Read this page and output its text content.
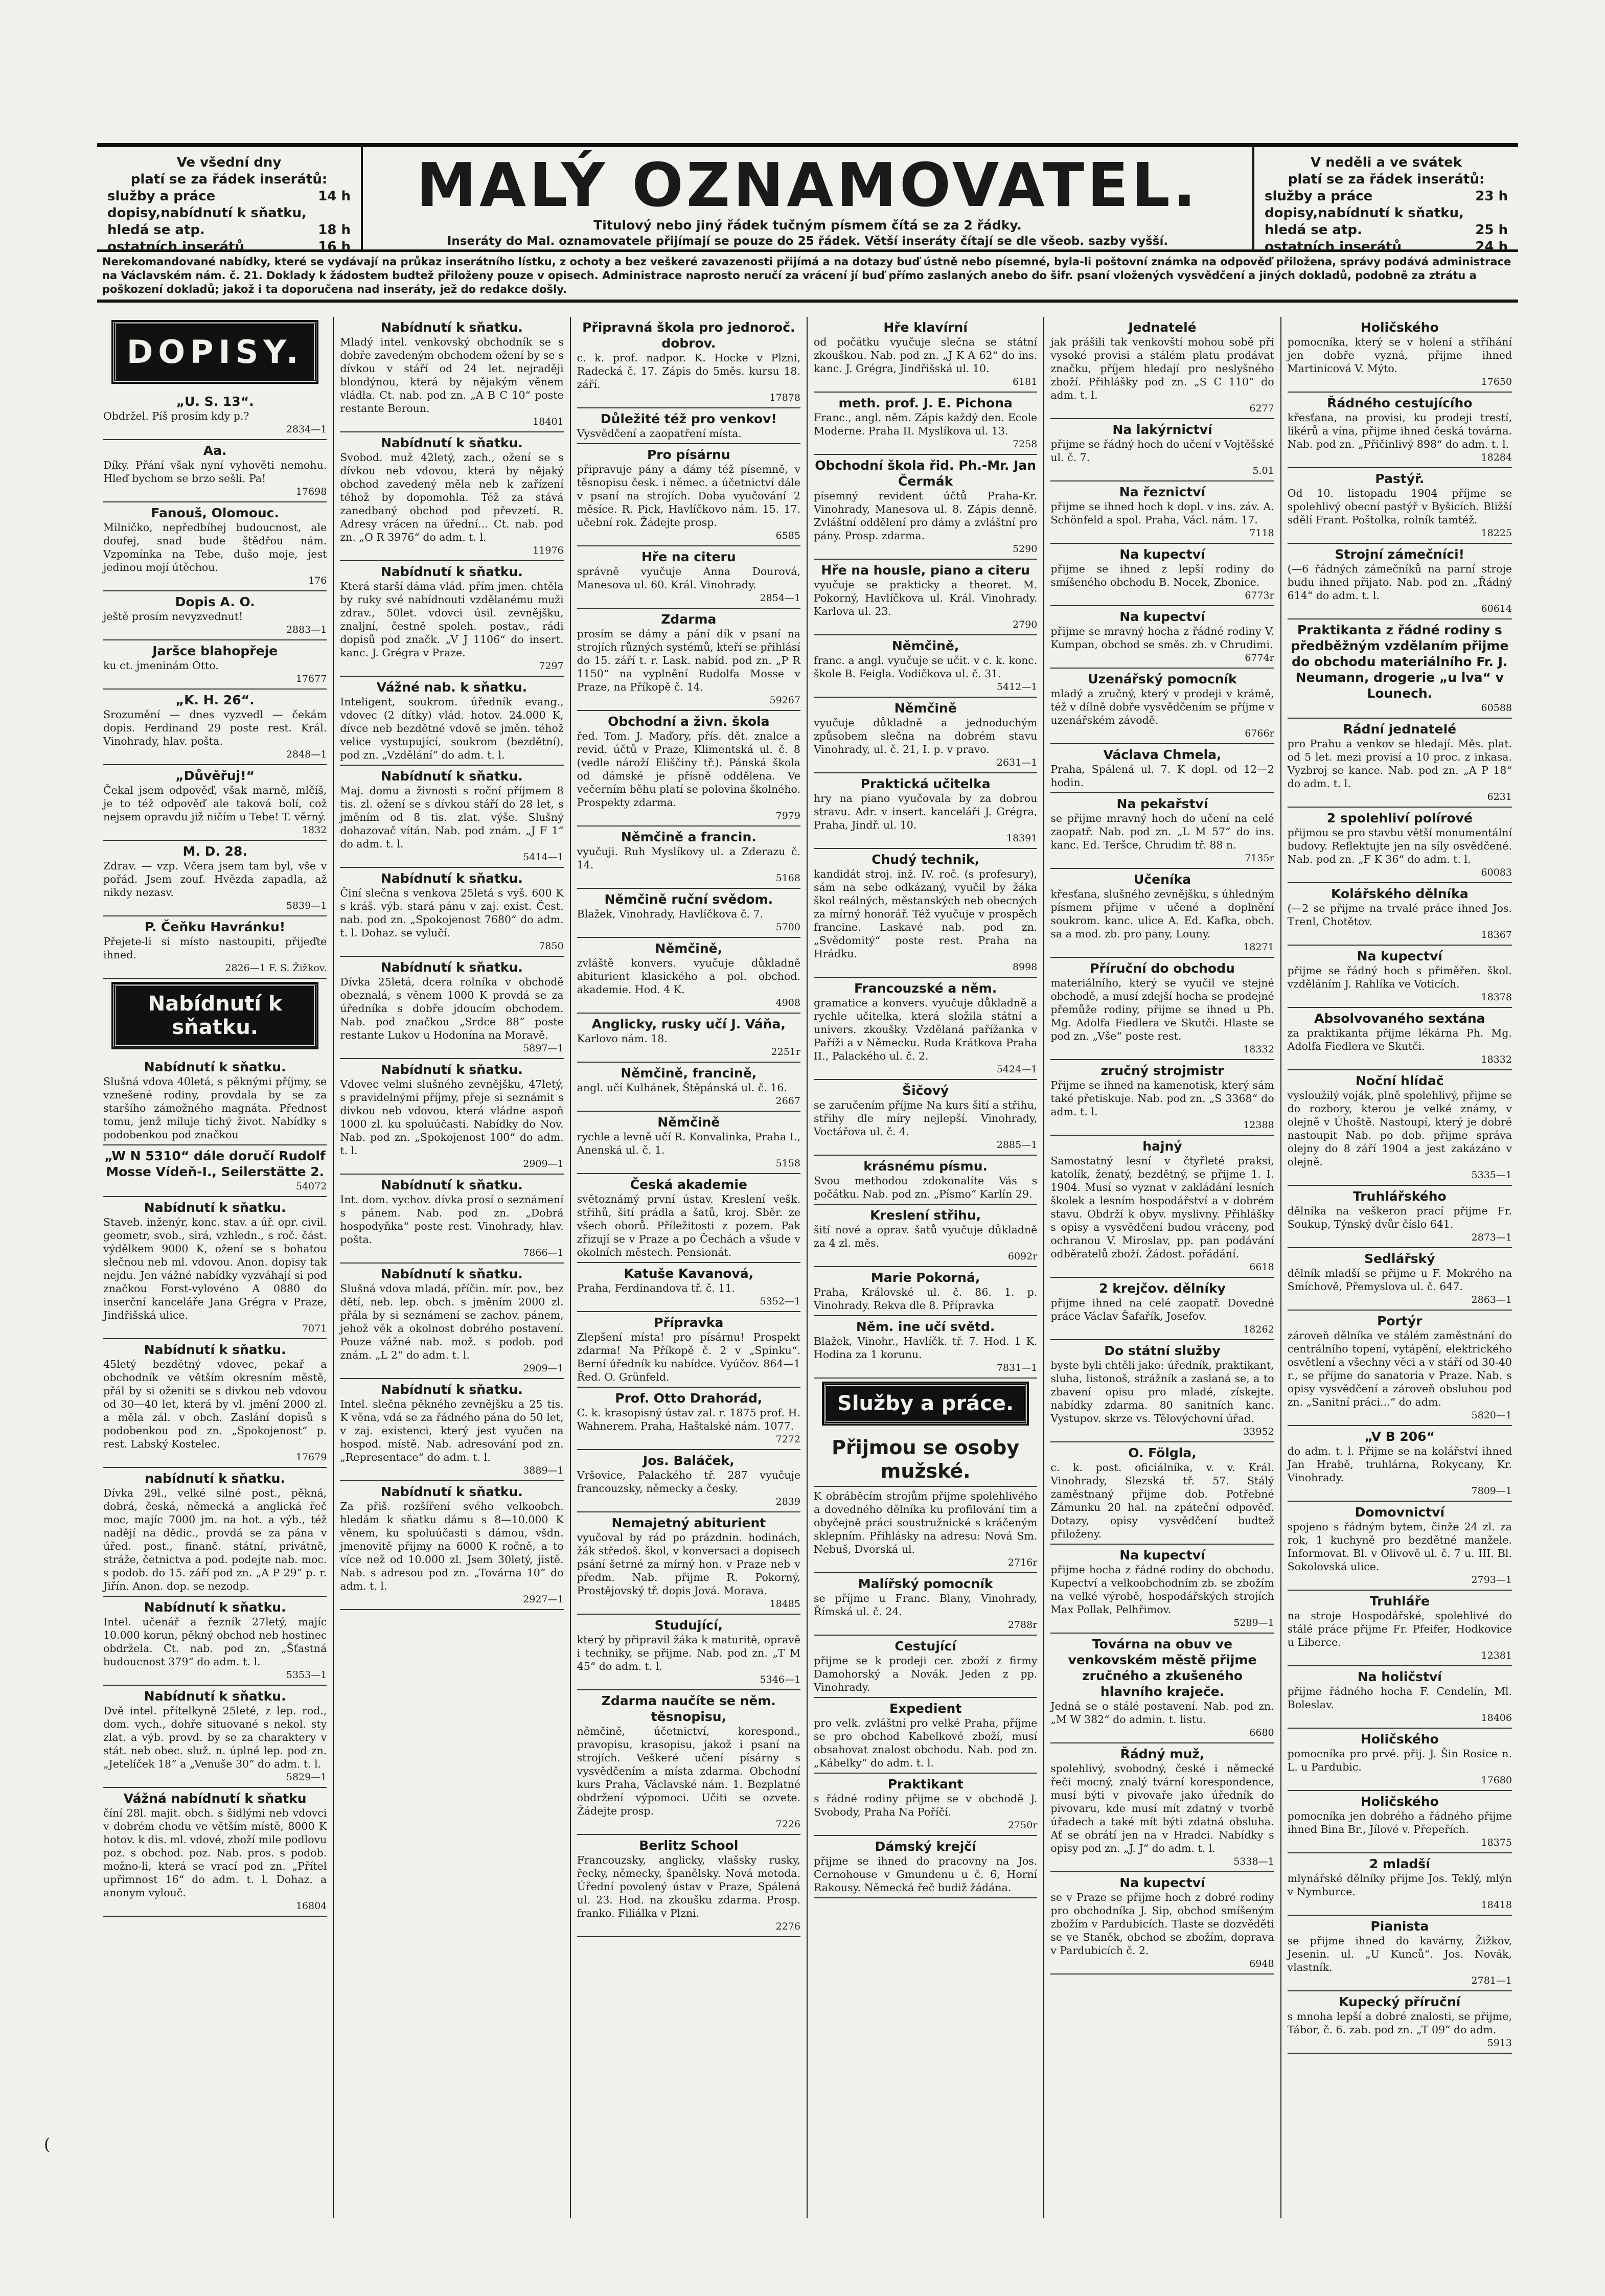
Ve všední dny
platí se za řádek inserátů:
služby a práce	14 h
dopisy,nabídnutí k sňatku,
hledá se atp.	18 h
ostatních inserátů	16 h
MALÝ OZNAMOVATEL.
Titulový nebo jiný řádek tučným písmem čítá se za 2 řádky.
Inseráty do Mal. oznamovatele přijímají se pouze do 25 řádek. Větší inseráty čítají se dle všeob. sazby vyšší.
V neděli a ve svátek
platí se za řádek inserátů:
služby a práce	23 h
dopisy,nabídnutí k sňatku,
hledá se atp.	25 h
ostatních inserátů	24 h
Nerekomandované nabídky, které se vydávají na průkaz inserátního lístku, z ochoty a bez veškeré zavazenosti přijímá a na dotazy buď ústně nebo písemné, byla-li poštovní známka na odpověď přiložena, správy podává administrace na Václavském nám. č. 21. Doklady k žádostem budtež přiloženy pouze v opisech. Administrace naprosto neručí za vrácení jí buď přímo zaslaných anebo do šifr. psaní vložených vysvědčení a jiných dokladů, podobně za ztrátu a poškození dokladů; jakož i ta doporučena nad inseráty, jež do redakce došly.
DOPISY.
„U. S. 13“.
Obdržel. Píš prosím kdy p.?
2834—1
Aa.
Díky. Přání však nyní vyhověti nemohu. Hleď bychom se brzo sešli. Pa!
17698
Fanouš, Olomouc.
Milničko, nepředbíhej budoucnost, ale doufej, snad bude štědřou nám. Vzpomínka na Tebe, dušo moje, jest jedinou mojí útěchou.
176
Dopis A. O.
ještě prosím nevyzvednut!
2883—1
Jaršce blahopřeje
ku ct. jmeninám Otto.
17677
„K. H. 26“.
Srozumění — dnes vyzvedl — čekám dopis. Ferdinand 29 poste rest. Král. Vinohrady, hlav. pošta.
2848—1
„Důvěřuj!“
Čekal jsem odpověď, však marně, mlčíš, je to též odpověď ale taková bolí, což nejsem opravdu již ničím u Tebe! T. věrný.
1832
M. D. 28.
Zdrav. — vzp. Včera jsem tam byl, vše v pořád. Jsem zouf. Hvězda zapadla, až nikdy nezasv.
5839—1
P. Čeňku Havránku!
Přejete-li si místo nastoupiti, přijeďte ihned.
2826—1 F. S. Žižkov.
Nabídnutí k sňatku.
Nabídnutí k sňatku.
Slušná vdova 40letá, s pěknými příjmy, se vznešené rodiny, provdala by se za staršího zámožného magnáta. Přednost tomu, jenž miluje tichý život. Nabídky s podobenkou pod značkou
„W N 5310“ dále doručí Rudolf Mosse Vídeň-I., Seilerstätte 2.
54072
Nabídnutí k sňatku.
Staveb. inženýr, konc. stav. a úř. opr. civil. geometr, svob., sirá, vzhledn., s roč. část. výdělkem 9000 K, ožení se s bohatou slečnou neb ml. vdovou. Anon. dopisy tak nejdu. Jen vážné nabídky vyzváhají si pod značkou Forst-vylovéno A 0880 do inserční kanceláře Jana Grégra v Praze, Jindřišská ulice.
7071
Nabídnutí k sňatku.
45letý bezdětný vdovec, pekař a obchodník ve větším okresním městě, přál by si oženiti se s divkou neb vdovou od 30—40 let, která by vl. jmění 2000 zl. a měla zál. v obch. Zaslání dopisů s podobenkou pod zn. „Spokojenost“ p. rest. Labský Kostelec.
17679
nabídnutí k sňatku.
Dívka 29l., velké silné post., pěkná, dobrá, česká, německá a anglická řeč moc, majíc 7000 jm. na hot. a výb., též nadějí na dědic., provdá se za pána v úřed. post., finanč. státní, privátně, stráže, četnictva a pod. podejte nab. moc. s podob. do 15. září pod zn. „A P 29“ p. r. Jiřín. Anon. dop. se nezodp.
Nabídnutí k sňatku.
Intel. učenář a řezník 27letý, majíc 10.000 korun, pěkný obchod neb hostinec obdržela. Ct. nab. pod zn. „Šťastná budoucnost 379“ do adm. t. l.
5353—1
Nabídnutí k sňatku.
Dvě intel. přítelkyně 25leté, z lep. rod., dom. vych., dohře situované s nekol. sty zlat. a výb. provd. by se za charaktery v stát. neb obec. služ. n. úplné lep. pod zn. „Jetelíček 18“ a „Venuše 30“ do adm. t. l.
5829—1
Vážná nabídnutí k sňatku
číní 28l. majit. obch. s šidlými neb vdovci v dobrém chodu ve větším místě, 8000 K hotov. k dis. ml. vdové, zboží mile podlovu poz. s obchod. poz. Nab. pros. s podob. možno-li, která se vrací pod zn. „Přítel upřimnost 16“ do adm. t. l. Dohaz. a anonym vylouč.
16804
Nabídnutí k sňatku.
Mladý intel. venkovský obchodník se s dobře zavedeným obchodem ožení by se s dívkou v stáří od 24 let. nejraději blondýnou, která by nějakým věnem vládla. Ct. nab. pod zn. „A B C 10“ poste restante Beroun.
18401
Nabídnutí k sňatku.
Svobod. muž 42letý, zach., ožení se s dívkou neb vdovou, která by nějaký obchod zavedený měla neb k zařízení téhož by dopomohla. Též za stává zanedbaný obchod pod převzetí. R. Adresy vrácen na úřední... Ct. nab. pod zn. „O R 3976“ do adm. t. l.
11976
Nabídnutí k sňatku.
Která starší dáma vlád. přím jmen. chtěla by ruky své nabídnouti vzdělanému muži zdrav., 50let. vdovci úsil. zevnějšku, znaljní, čestně spoleh. postav., rádi dopisů pod značk. „V J 1106“ do insert. kanc. J. Grégra v Praze.
7297
Vážné nab. k sňatku.
Inteligent, soukrom. úředník evang., vdovec (2 dítky) vlád. hotov. 24.000 K, dívce neb bezdětné vdově se jměn. téhož velice vystupující, soukrom (bezdětní), pod zn. „Vzdělání“ do adm. t. l.
Nabídnutí k sňatku.
Maj. domu a živnosti s roční příjmem 8 tis. zl. ožení se s dívkou stáří do 28 let, s jměním od 8 tis. zlat. výše. Slušný dohazovač vítán. Nab. pod znám. „J F 1“ do adm. t. l.
5414—1
Nabídnutí k sňatku.
Činí slečna s venkova 25letá s vyš. 600 K s kráš. výb. stará pánu v zaj. exist. Čest. nab. pod zn. „Spokojenost 7680“ do adm. t. l. Dohaz. se vylučí.
7850
Nabídnutí k sňatku.
Dívka 25letá, dcera rolníka v obchodě obeznalá, s věnem 1000 K provdá se za úředníka s dobře jdoucím obchodem. Nab. pod značkou „Srdce 88“ poste restante Lukov u Hodonína na Moravě.
5897—1
Nabídnutí k sňatku.
Vdovec velmi slušného zevnějšku, 47letý, s pravidelnými příjmy, přeje si seznámit s divkou neb vdovou, která vládne aspoň 1000 zl. ku spoluúčasti. Nabídky do Nov. Nab. pod zn. „Spokojenost 100“ do adm. t. l.
2909—1
Nabídnutí k sňatku.
Int. dom. vychov. dívka prosí o seznámení s pánem. Nab. pod zn. „Dobrá hospodyňka“ poste rest. Vinohrady, hlav. pošta.
7866—1
Nabídnutí k sňatku.
Slušná vdova mladá, příčin. mír. pov., bez dětí, neb. lep. obch. s jměním 2000 zl. přála by si seznámení se zachov. pánem, jehož věk a okolnost dobrého postavení. Pouze vážné nab. mož. s podob. pod znám. „L 2“ do adm. t. l.
2909—1
Nabídnutí k sňatku.
Intel. slečna pěkného zevnějšku a 25 tis. K věna, vdá se za řádného pána do 50 let, v zaj. existenci, který jest vyučen na hospod. místě. Nab. adresování pod zn. „Representace“ do adm. t. l.
3889—1
Nabídnutí k sňatku.
Za přiš. rozšíření svého velkoobch. hledám k sňatku dámu s 8—10.000 K věnem, ku spoluúčasti s dámou, všdn. jmenovitě přijmy na 6000 K ročně, a to více než od 10.000 zl. Jsem 30letý, jistě. Nab. s adresou pod zn. „Továrna 10“ do adm. t. l.
2927—1
Připravná škola pro jednoroč. dobrov.
c. k. prof. nadpor. K. Hocke v Plzni, Radecká č. 17. Zápis do 5měs. kursu 18. září.
17878
Důležité též pro venkov!
Vysvědčení a zaopatření místa.
Pro písárnu
připravuje pány a dámy též písemně, v těsnopisu česk. i němec. a účetnictví dále v psaní na strojích. Doba vyučování 2 měsíce. R. Pick, Havlíčkovo nám. 15. 17. učební rok. Žádejte prosp.
6585
Hře na citeru
správně vyučuje Anna Dourová, Manesova ul. 60. Král. Vinohrady.
2854—1
Zdarma
prosím se dámy a pání dík v psaní na strojích různých systémů, kteří se přihlásí do 15. září t. r. Lask. nabíd. pod zn. „P R 1150“ na vyplnění Rudolfa Mosse v Praze, na Příkopě č. 14.
59267
Obchodní a živn. škola
řed. Tom. J. Maďory, přís. dět. znalce a revid. účtů v Praze, Klimentská ul. č. 8 (vedle nároží Eliščiny tř.). Pánská škola od dámské je přísně oddělena. Ve večerním běhu platí se polovina školného. Prospekty zdarma.
7979
Němčině a francin.
vyučuji. Ruh Myslíkovy ul. a Zderazu č. 14.
5168
Němčině ruční svědom.
Blažek, Vinohrady, Havlíčkova č. 7.
5700
Němčině,
zvláště konvers. vyučuje důkladně abiturient klasického a pol. obchod. akademie. Hod. 4 K.
4908
Anglicky, rusky učí J. Váňa,
Karlovo nám. 18.
2251r
Němčině, francině,
angl. učí Kulhánek, Štěpánská ul. č. 16.
2667
Němčině
rychle a levně učí R. Konvalinka, Praha I., Anenská ul. č. 1.
5158
Česká akademie
světoznámý první ústav. Kreslení vešk. střihů, šití prádla a šatů, kroj. Sběr. ze všech oborů. Příležitosti z pozem. Pak zřizují se v Praze a po Čechách a všude v okolních městech. Pensionát.
Katuše Kavanová,
Praha, Ferdinandova tř. č. 11.
5352—1
Přípravka
Zlepšení místa! pro písárnu! Prospekt zdarma! Na Příkopě č. 2 v „Spinku“. Berní úředník ku nabídce. Vyúčov. 864—1 Řed. O. Grünfeld.
Prof. Otto Drahorád,
C. k. krasopisný ústav zal. r. 1875 prof. H. Wahnerem. Praha, Haštalské nám. 1077.
7272
Jos. Baláček,
Vršovice, Palackého tř. 287 vyučuje francouzsky, německy a česky.
2839
Nemajetný abiturient
vyučoval by rád po prázdnin. hodinách, žák středoš. škol, v konversaci a dopisech psání šetrné za mírný hon. v Praze neb v předm. Nab. přijme R. Pokorný, Prostějovský tř. dopis Jová. Morava.
18485
Studující,
který by připravil žáka k maturitě, opravě i techniky, se přijme. Nab. pod zn. „T M 45“ do adm. t. l.
5346—1
Zdarma naučíte se něm. těsnopisu,
němčině, účetnictví, korespond., pravopisu, krasopisu, jakož i psaní na strojích. Veškeré učení písárny s vysvědčením a místa zdarma. Obchodní kurs Praha, Václavské nám. 1. Bezplatné obdržení výpomoci. Učiti se ozvete. Žádejte prosp.
7226
Berlitz School
Francouzsky, anglicky, vlašsky rusky, řecky, německy, španělsky. Nová metoda. Úřední povolený ústav v Praze, Spálená ul. 23. Hod. na zkoušku zdarma. Prosp. franko. Filiálka v Plzni.
2276
Hře klavírní
od počátku vyučuje slečna se státní zkouškou. Nab. pod zn. „J K A 62“ do ins. kanc. J. Grégra, Jindřišská ul. 10.
6181
meth. prof. J. E. Pichona
Franc., angl. něm. Zápis každý den. Ecole Moderne. Praha II. Myslíkova ul. 13.
7258
Obchodní škola řid. Ph.-Mr. Jan Čermák
písemný revident účtů Praha-Kr. Vinohrady, Manesova ul. 8. Zápis denně. Zvláštní oddělení pro dámy a zvláštní pro pány. Prosp. zdarma.
5290
Hře na housle, piano a citeru
vyučuje se prakticky a theoret. M. Pokorný, Havlíčkova ul. Král. Vinohrady. Karlova ul. 23.
2790
Němčině,
franc. a angl. vyučuje se učit. v c. k. konc. škole B. Feigla. Vodičkova ul. č. 31.
5412—1
Němčině
vyučuje důkladně a jednoduchým způsobem slečna na dobrém stavu Vinohrady, ul. č. 21, I. p. v pravo.
2631—1
Praktická učitelka
hry na piano vyučovala by za dobrou stravu. Adr. v insert. kanceláři J. Grégra, Praha, Jindř. ul. 10.
18391
Chudý technik,
kandidát stroj. inž. IV. roč. (s profesury), sám na sebe odkázaný, vyučil by žáka škol reálných, městanských neb obecných za mírný honorář. Též vyučuje v prospěch francine. Laskavé nab. pod zn. „Svědomitý“ poste rest. Praha na Hrádku.
8998
Francouzské a něm.
gramatice a konvers. vyučuje důkladně a rychle učitelka, která složila státní a univers. zkoušky. Vzdělaná pařížanka v Paříži a v Německu. Ruda Krátkova Praha II., Palackého ul. č. 2.
5424—1
Šičový
se zaručením příjme Na kurs šití a střihu, střihy dle míry nejlepší. Vinohrady, Voctářova ul. č. 4.
2885—1
krásnému písmu.
Svou methodou zdokonalíte Vás s počátku. Nab. pod zn. „Písmo“ Karlín 29.
Kreslení střihu,
šití nové a oprav. šatů vyučuje důkladně za 4 zl. měs.
6092r
Marie Pokorná,
Praha, Královské ul. č. 86. 1. p. Vinohrady. Rekva dle 8. Přípravka
Něm. ine učí světd.
Blažek, Vinohr., Havlíčk. tř. 7. Hod. 1 K. Hodina za 1 korunu.
7831—1
Služby a práce.
Přijmou se osoby mužské.
K obráběcím strojům přijme spolehlivého a dovedného dělníka ku profilování tim a obyčejně práci soustružnické s kráčeným sklepním. Přihlásky na adresu: Nová Sm. Nebuš, Dvorská ul.
2716r
Malířský pomocník
se příjme u Franc. Blany, Vinohrady, Římská ul. č. 24.
2788r
Cestující
přijme se k prodeji cer. zboží z firmy Damohorský a Novák. Jeden z pp. Vinohrady.
Expedient
pro velk. zvláštní pro velké Praha, příjme se pro obchod Kabelkové zboží, musí obsahovat znalost obchodu. Nab. pod zn. „Kábelky“ do adm. t. l.
Praktikant
s řádné rodiny přijme se v obchodě J. Svobody, Praha Na Poříčí.
2750r
Dámský krejčí
přijme se ihned do pracovny na Jos. Cernohouse v Gmundenu u č. 6, Horní Rakousy. Německá řeč budiž žádána.
Jednatelé
jak prášili tak venkovští mohou sobě při vysoké provisi a stálém platu prodávat značku, příjem hledají pro neslyšného zboží. Přihlášky pod zn. „S C 110“ do adm. t. l.
6277
Na lakýrnictví
přijme se řádný hoch do učení v Vojtěšské ul. č. 7.
5.01
Na řeznictví
přijme se ihned hoch k dopl. v ins. záv. A. Schönfeld a spol. Praha, Václ. nám. 17.
7118
Na kupectví
přijme se ihned z lepší rodiny do smíšeného obchodu B. Nocek, Zbonice.
6773r
Na kupectví
přijme se mravný hocha z řádné rodiny V. Kumpan, obchod se směs. zb. v Chrudimi.
6774r
Uzenářský pomocník
mladý a zručný, který v prodeji v krámě, též v dílně dobře vysvědčením se příjme v uzenářském závodě.
6766r
Václava Chmela,
Praha, Spálená ul. 7. K dopl. od 12—2 hodin.
Na pekařství
se přijme mravný hoch do učení na celé zaopatř. Nab. pod zn. „L M 57“ do ins. kanc. Ed. Teršce, Chrudim tř. 88 n.
7135r
Učeníka
křesťana, slušného zevnějšku, s úhledným písmem přijme v učené a doplnění soukrom. kanc. ulice A. Ed. Kafka, obch. sa a mod. zb. pro pany, Louny.
18271
Příruční do obchodu
materiálního, který se vyučil ve stejné obchodě, a musí zdejší hocha se prodejné přemůže rodiny, přijme se ihned u Ph. Mg. Adolfa Fiedlera ve Skutči. Hlaste se pod zn. „Vše“ poste rest.
18332
zručný strojmistr
Přijme se ihned na kamenotisk, který sám také přetiskuje. Nab. pod zn. „S 3368“ do adm. t. l.
12388
hajný
Samostatný lesní v čtyřleté praksi, katolík, ženatý, bezdětný, se přijme 1. I. 1904. Musí so vyznat v zakládání lesních školek a lesním hospodářství a v dobrém stavu. Obdrží k obyv. myslivny. Přihlášky s opisy a vysvědčení budou vráceny, pod ochranou V. Miroslav, pp. pan podávání odběratelů zboží. Žádost. pořádání.
6618
2 krejčov. dělníky
přijme ihned na celé zaopatř. Dovedné práce Václav Šafařík, Josefov.
18262
Do státní služby
byste byli chtěli jako: úředník, praktikant, sluha, listonoš, strážník a zaslaná se, a to zbavení opisu pro mladé, získejte. nabídky zdarma. 80 sanitních kanc. Vystupov. skrze vs. Tělovýchovní úřad.
33952
O. Fölgla,
c. k. post. oficiálníka, v. v. Král. Vinohrady, Slezská tř. 57. Stálý zaměstnaný přijme dob. Potřebné Zámunku 20 hal. na zpáteční odpověď. Dotazy, opisy vysvědčení budtež přiloženy.
Na kupectví
přijme hocha z řádné rodiny do obchodu. Kupectví a velkoobchodním zb. se zbožím na velké výrobě, hospodářských strojích Max Pollak, Pelhřimov.
5289—1
Továrna na obuv ve venkovském městě přijme zručného a zkušeného hlavního kraječe.
Jedná se o stálé postavení. Nab. pod zn. „M W 382“ do admin. t. listu.
6680
Řádný muž,
spolehlivý, svobodný, české i německé řeči mocný, znalý tvární korespondence, musí býti v pivovaře jako úředník do pivovaru, kde musí mít zdatný v tvorbě úřadech a také mít býti zdatná obsluha. Ať se obrátí jen na v Hradci. Nabídky s opisy pod zn. „J. J“ do adm. t. l.
5338—1
Na kupectví
se v Praze se přijme hoch z dobré rodiny pro obchodníka J. Sip, obchod smíšeným zbožím v Pardubicích. Tlaste se dozvěděti se ve Staněk, obchod se zbožím, doprava v Pardubicích č. 2.
6948
Holičského
pomocníka, který se v holení a stříhání jen dobře vyzná, přijme ihned Martinicová V. Mýto.
17650
Řádného cestujícího
křesťana, na provisi, ku prodeji trestí, likérů a vína, přijme ihned česká továrna. Nab. pod zn. „Přičinlivý 898“ do adm. t. l.
18284
Pastýř.
Od 10. listopadu 1904 příjme se spolehlivý obecní pastýř v Byšicích. Bližší sdělí Frant. Poštolka, rolník tamtéž.
18225
Strojní zámečníci!
(—6 řádných zámečníků na parní stroje budu ihned přijato. Nab. pod zn. „Řádný 614“ do adm. t. l.
60614
Praktikanta z řádné rodiny s předběžným vzdělaním přijme do obchodu materiálního Fr. J. Neumann, drogerie „u lva“ v Lounech.
60588
Rádní jednatelé
pro Prahu a venkov se hledají. Měs. plat. od 5 let. mezi provisí a 10 proc. z inkasa. Vyzbroj se kance. Nab. pod zn. „A P 18“ do adm. t. l.
6231
2 spolehliví polírové
přijmou se pro stavbu větší monumentální budovy. Reflektujte jen na síly osvědčené. Nab. pod zn. „F K 36“ do adm. t. l.
60083
Kolářského dělníka
(—2 se přijme na trvalé práce ihned Jos. Trenl, Chotětov.
18367
Na kupectví
přijme se řádný hoch s přiměřen. škol. vzděláním J. Rahlíka ve Voticích.
18378
Absolvovaného sextána
za praktikanta přijme lékárna Ph. Mg. Adolfa Fiedlera ve Skutči.
18332
Noční hlídač
vysloužilý voják, plně spolehlivý, přijme se do rozbory, kterou je velké známy, v olejně v Úhoště. Nastoupí, který je dobré nastoupit Nab. po dob. přijme správa olejny do 8 září 1904 a jest zakázáno v olejně.
5335—1
Truhlářského
dělníka na veškeron prací přijme Fr. Soukup, Týnský dvůr číslo 641.
2873—1
Sedlářský
dělník mladší se přijme u F. Mokrého na Smíchově, Přemyslova ul. č. 647.
2863—1
Portýr
zároveň dělníka ve stálém zaměstnání do centrálního topení, vytápění, elektrického osvětlení a všechny věci a v stáří od 30-40 r., se příjme do sanatoria v Praze. Nab. s opisy vysvědčení a zároveň obsluhou pod zn. „Sanitní práci...“ do adm.
5820—1
„V B 206“
do adm. t. l. Přijme se na kolářství ihned Jan Hrabě, truhlárna, Rokycany, Kr. Vinohrady.
7809—1
Domovnictví
spojeno s řádným bytem, činže 24 zl. za rok, 1 kuchyně pro bezdětné manžele. Informovat. Bl. v Olivově ul. č. 7 u. III. Bl. Sokolovská ulice.
2793—1
Truhláře
na stroje Hospodářské, spolehlivé do stálé práce přijme Fr. Pfeifer, Hodkovice u Liberce.
12381
Na holičství
přijme řádného hocha F. Cendelín, Ml. Boleslav.
18406
Holičského
pomocníka pro prvé. přij. J. Šin Rosice n. L. u Pardubic.
17680
Holičského
pomocníka jen dobrého a řádného přijme ihned Bina Br., Jílové v. Přepeřích.
18375
2 mladší
mlynářské dělníky přijme Jos. Teklý, mlýn v Nymburce.
18418
Pianista
se přijme ihned do kavárny, Žižkov, Jesenin. ul. „U Kunců“. Jos. Novák, vlastník.
2781—1
Kupecký příruční
s mnoha lepší a dobré znalosti, se přijme, Tábor, č. 6. zab. pod zn. „T 09“ do adm.
5913
(
